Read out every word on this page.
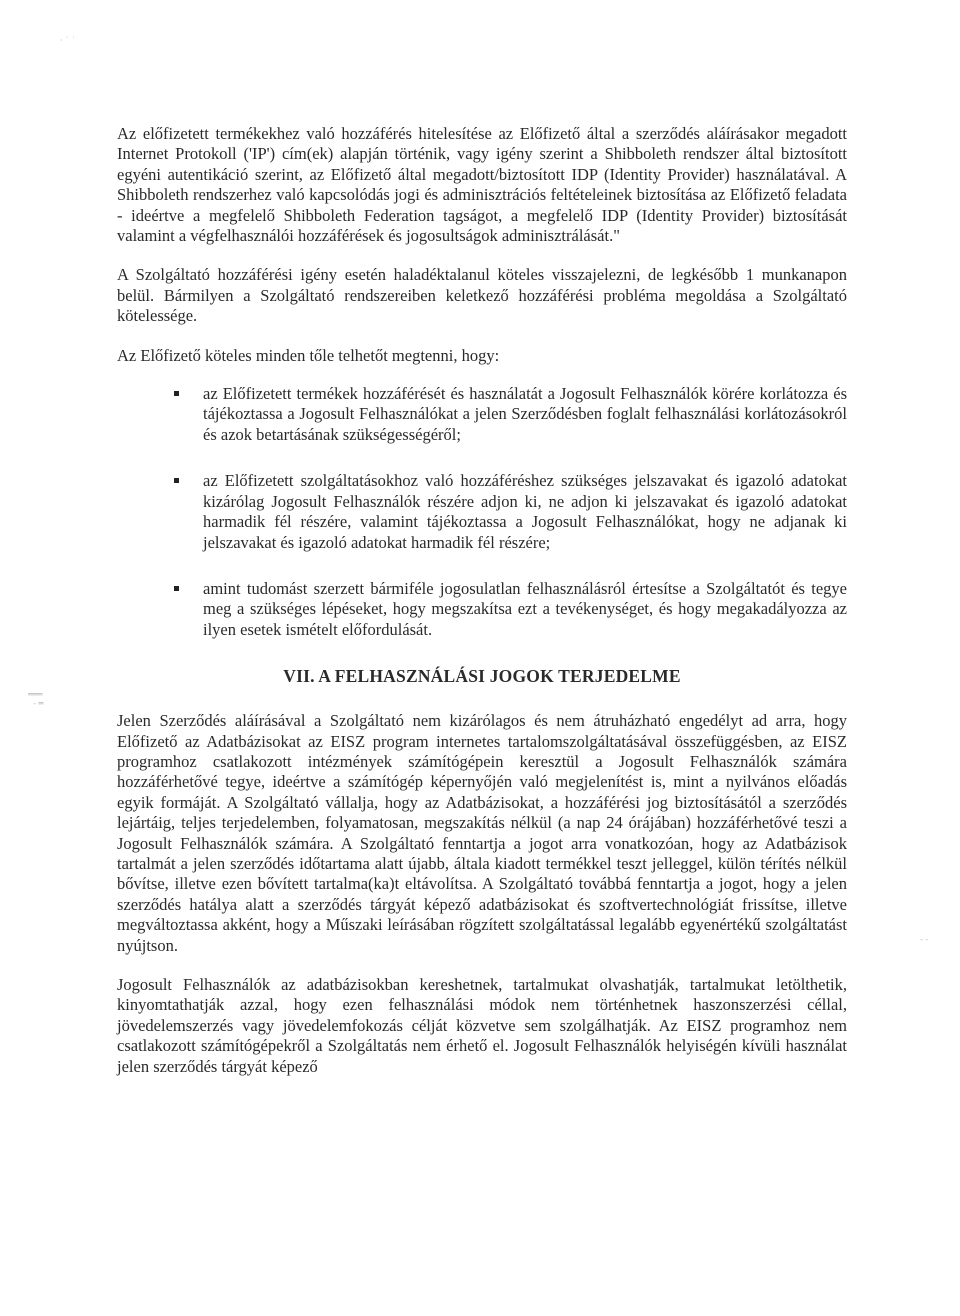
· ˙ ˙
═══
‐ ═
‐ ‐

Az előfizetett termékekhez való hozzáférés hitelesítése az Előfizető által a szerződés aláírásakor megadott Internet Protokoll ('IP') cím(ek) alapján történik, vagy igény szerint a Shibboleth rendszer által biztosított egyéni autentikáció szerint, az Előfizető által megadott/biztosított IDP (Identity Provider) használatával. A Shibboleth rendszerhez való kapcsolódás jogi és adminisztrációs feltételeinek biztosítása az Előfizető feladata - ideértve a megfelelő Shibboleth Federation tagságot, a megfelelő IDP (Identity Provider) biztosítását valamint a végfelhasználói hozzáférések és jogosultságok adminisztrálását."

A Szolgáltató hozzáférési igény esetén haladéktalanul köteles visszajelezni, de legkésőbb 1 munkanapon belül. Bármilyen a Szolgáltató rendszereiben keletkező hozzáférési probléma megoldása a Szolgáltató kötelessége.

Az Előfizető köteles minden tőle telhetőt megtenni, hogy:

az Előfizetett termékek hozzáférését és használatát a Jogosult Felhasználók körére korlátozza és tájékoztassa a Jogosult Felhasználókat a jelen Szerződésben foglalt felhasználási korlátozásokról és azok betartásának szükségességéről;
az Előfizetett szolgáltatásokhoz való hozzáféréshez szükséges jelszavakat és igazoló adatokat kizárólag Jogosult Felhasználók részére adjon ki, ne adjon ki jelszavakat és igazoló adatokat harmadik fél részére, valamint tájékoztassa a Jogosult Felhasználókat, hogy ne adjanak ki jelszavakat és igazoló adatokat harmadik fél részére;
amint tudomást szerzett bármiféle jogosulatlan felhasználásról értesítse a Szolgáltatót és tegye meg a szükséges lépéseket, hogy megszakítsa ezt a tevékenységet, és hogy megakadályozza az ilyen esetek ismételt előfordulását.
VII. A FELHASZNÁLÁSI JOGOK TERJEDELME

Jelen Szerződés aláírásával a Szolgáltató nem kizárólagos és nem átruházható engedélyt ad arra, hogy Előfizető az Adatbázisokat az EISZ program internetes tartalomszolgáltatásával összefüggésben, az EISZ programhoz csatlakozott intézmények számítógépein keresztül a Jogosult Felhasználók számára hozzáférhetővé tegye, ideértve a számítógép képernyőjén való megjelenítést is, mint a nyilvános előadás egyik formáját. A Szolgáltató vállalja, hogy az Adatbázisokat, a hozzáférési jog biztosításától a szerződés lejártáig, teljes terjedelemben, folyamatosan, megszakítás nélkül (a nap 24 órájában) hozzáférhetővé teszi a Jogosult Felhasználók számára. A Szolgáltató fenntartja a jogot arra vonatkozóan, hogy az Adatbázisok tartalmát a jelen szerződés időtartama alatt újabb, általa kiadott termékkel teszt jelleggel, külön térítés nélkül bővítse, illetve ezen bővített tartalma(ka)t eltávolítsa. A Szolgáltató továbbá fenntartja a jogot, hogy a jelen szerződés hatálya alatt a szerződés tárgyát képező adatbázisokat és szoftvertechnológiát frissítse, illetve megváltoztassa akként, hogy a Műszaki leírásában rögzített szolgáltatással legalább egyenértékű szolgáltatást nyújtson.

Jogosult Felhasználók az adatbázisokban kereshetnek, tartalmukat olvashatják, tartalmukat letölthetik, kinyomtathatják azzal, hogy ezen felhasználási módok nem történhetnek haszonszerzési céllal, jövedelemszerzés vagy jövedelemfokozás célját közvetve sem szolgálhatják. Az EISZ programhoz nem csatlakozott számítógépekről a Szolgáltatás nem érhető el. Jogosult Felhasználók helyiségén kívüli használat jelen szerződés tárgyát képező
